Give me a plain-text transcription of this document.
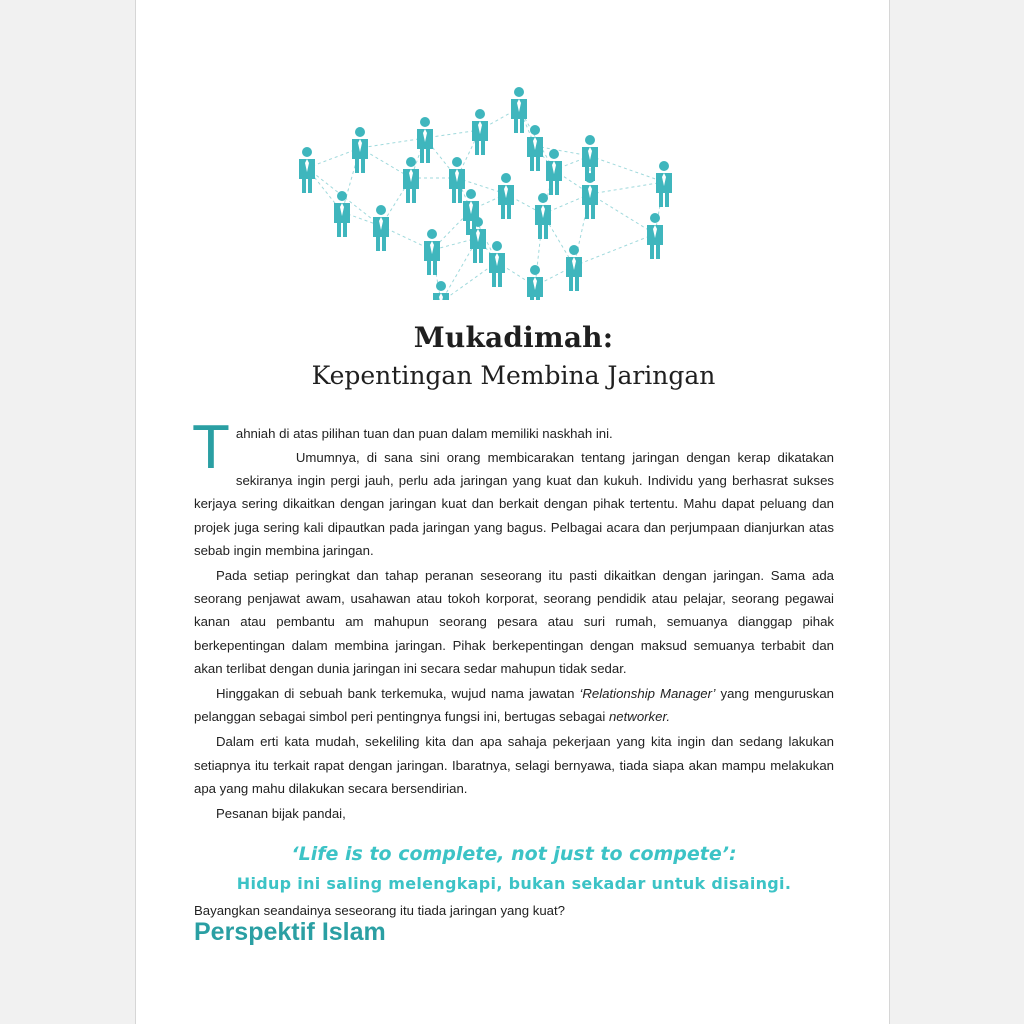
Mukadimah:
Kepentingan Membina Jaringan

T ahniah di atas pilihan tuan dan puan dalam memiliki naskhah ini.

Umumnya, di sana sini orang membicarakan tentang jaringan dengan kerap dikatakan sekiranya ingin pergi jauh, perlu ada jaringan yang kuat dan kukuh. Individu yang berhasrat sukses kerjaya sering dikaitkan dengan jaringan kuat dan berkait dengan pihak tertentu. Mahu dapat peluang dan projek juga sering kali dipautkan pada jaringan yang bagus. Pelbagai acara dan perjumpaan dianjurkan atas sebab ingin membina jaringan.

Pada setiap peringkat dan tahap peranan seseorang itu pasti dikaitkan dengan jaringan. Sama ada seorang penjawat awam, usahawan atau tokoh korporat, seorang pendidik atau pelajar, seorang pegawai kanan atau pembantu am mahupun seorang pesara atau suri rumah, semuanya dianggap pihak berkepentingan dalam membina jaringan. Pihak berkepentingan dengan maksud semuanya terbabit dan akan terlibat dengan dunia jaringan ini secara sedar mahupun tidak sedar.

Hinggakan di sebuah bank terkemuka, wujud nama jawatan ‘Relationship Manager’ yang menguruskan pelanggan sebagai simbol peri pentingnya fungsi ini, bertugas sebagai networker.

Dalam erti kata mudah, sekeliling kita dan apa sahaja pekerjaan yang kita ingin dan sedang lakukan setiapnya itu terkait rapat dengan jaringan. Ibaratnya, selagi bernyawa, tiada siapa akan mampu melakukan apa yang mahu dilakukan secara bersendirian.

Pesanan bijak pandai,

‘Life is to complete, not just to compete’:

Hidup ini saling melengkapi, bukan sekadar untuk disaingi.

Bayangkan seandainya seseorang itu tiada jaringan yang kuat?

Perspektif Islam
